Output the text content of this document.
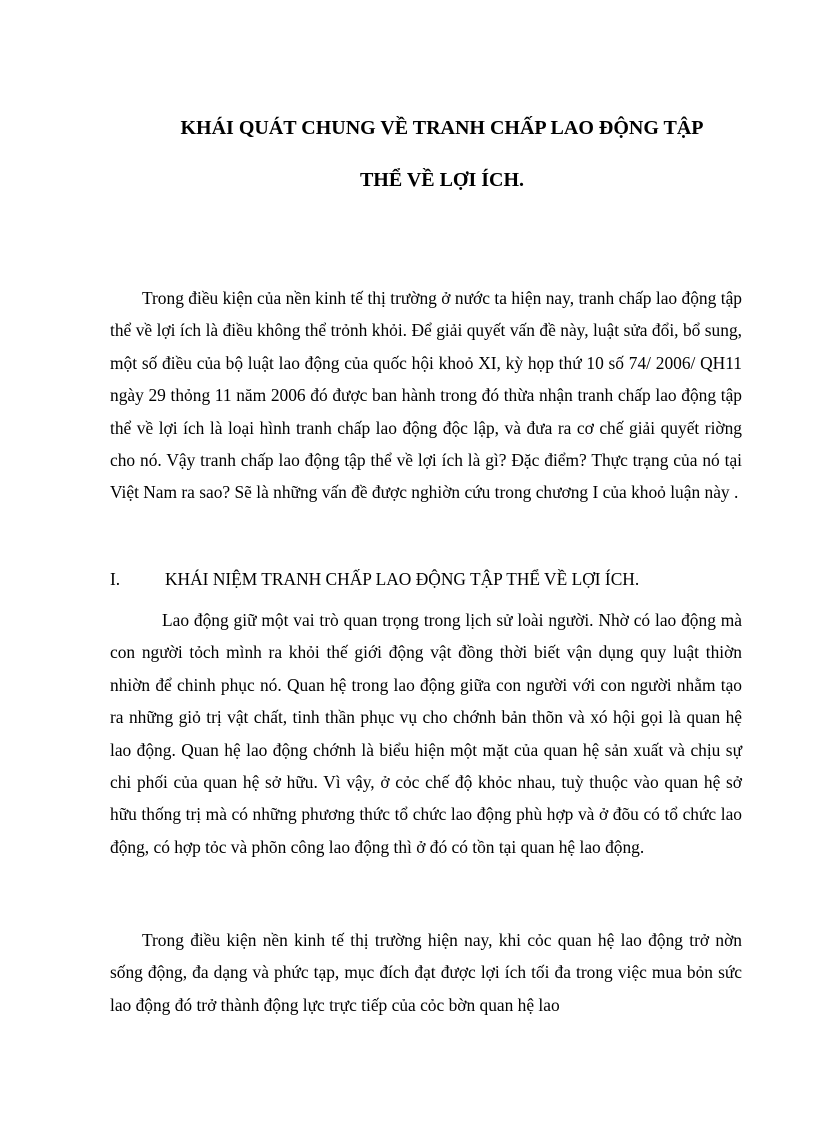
KHÁI QUÁT CHUNG VỀ TRANH CHẤP LAO ĐỘNG TẬP
THỂ VỀ LỢI ÍCH.

Trong điều kiện của nền kinh tế thị trường ở nước ta hiện nay, tranh chấp lao động tập thể về lợi ích là điều không thể trỏnh khỏi. Để giải quyết vấn đề này, luật sửa đổi, bổ sung, một số điều của bộ luật lao động của quốc hội khoỏ XI, kỳ họp thứ 10 số 74/ 2006/ QH11 ngày 29 thỏng 11 năm 2006 đó được ban hành trong đó thừa nhận tranh chấp lao động tập thể về lợi ích là loại hình tranh chấp lao động độc lập, và đưa ra cơ chế giải quyết riờng cho nó. Vậy tranh chấp lao động tập thể về lợi ích là gì? Đặc điểm? Thực trạng của nó tại Việt Nam ra sao? Sẽ là những vấn đề được nghiờn cứu trong chương I của khoỏ luận này .

I.	KHÁI NIỆM TRANH CHẤP LAO ĐỘNG TẬP THỂ VỀ LỢI ÍCH.

Lao động giữ một vai trò quan trọng trong lịch sử loài người. Nhờ có lao động mà con người tỏch mình ra khỏi thế giới động vật đồng thời biết vận dụng quy luật thiờn nhiờn để chinh phục nó. Quan hệ trong lao động giữa con người với con người nhằm tạo ra những giỏ trị vật chất, tinh thần phục vụ cho chớnh bản thõn và xó hội gọi là quan hệ lao động. Quan hệ lao động chớnh là biểu hiện một mặt của quan hệ sản xuất và chịu sự chi phối của quan hệ sở hữu. Vì vậy, ở cỏc chế độ khỏc nhau, tuỳ thuộc vào quan hệ sở hữu thống trị mà có những phương thức tổ chức lao động phù hợp và ở đõu có tổ chức lao động, có hợp tỏc và phõn công lao động thì ở đó có tồn tại quan hệ lao động.

Trong điều kiện nền kinh tế thị trường hiện nay, khi cỏc quan hệ lao động trở nờn sống động, đa dạng và phức tạp, mục đích đạt được lợi ích tối đa trong việc mua bỏn sức lao động đó trở thành động lực trực tiếp của cỏc bờn quan hệ lao
